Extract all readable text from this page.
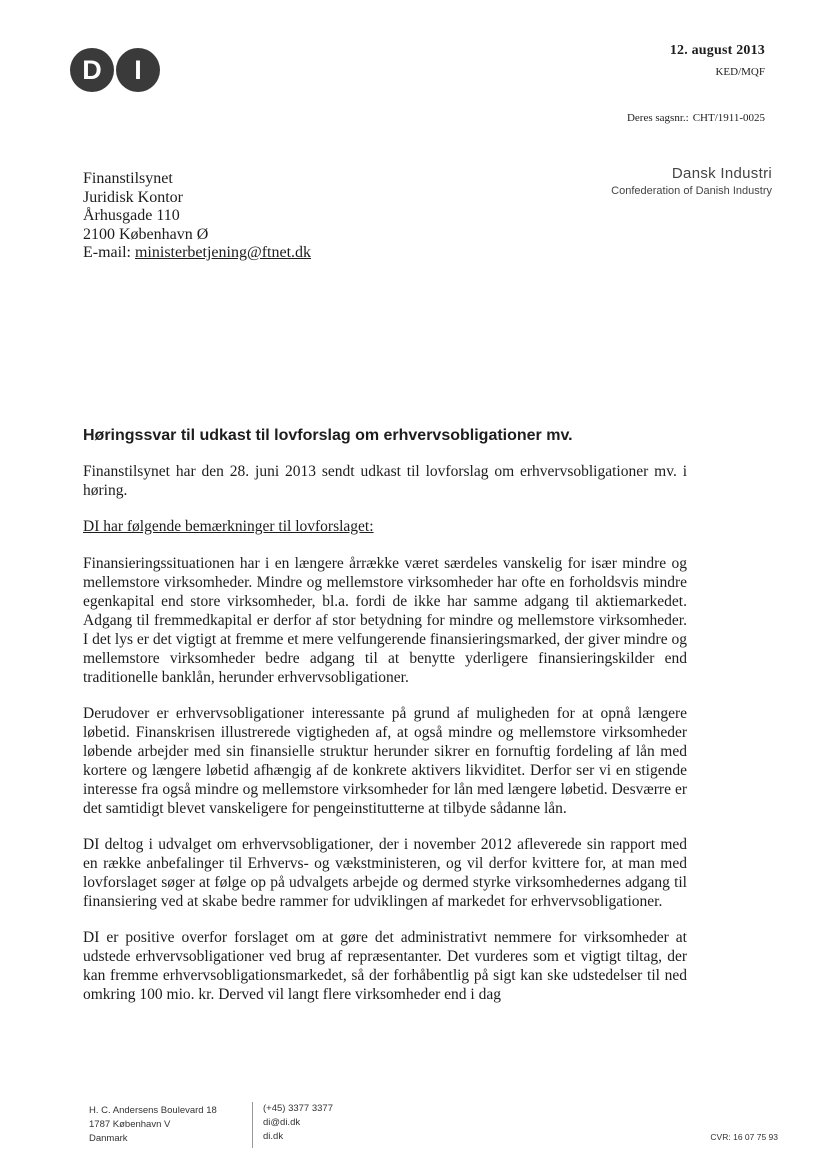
D	I
12. august 2013
KED/MQF
Deres sagsnr.: CHT/1911-0025
Dansk Industri
Confederation of Danish Industry
Finanstilsynet
Juridisk Kontor
Århusgade 110
2100 København Ø
E-mail: ministerbetjening@ftnet.dk
Høringssvar til udkast til lovforslag om erhvervsobligationer mv.

Finanstilsynet har den 28. juni 2013 sendt udkast til lovforslag om erhvervsobligationer mv. i høring.

DI har følgende bemærkninger til lovforslaget:

Finansieringssituationen har i en længere årrække været særdeles vanskelig for især mindre og mellemstore virksomheder. Mindre og mellemstore virksomheder har ofte en forholdsvis mindre egenkapital end store virksomheder, bl.a. fordi de ikke har samme adgang til aktiemarkedet. Adgang til fremmedkapital er derfor af stor betydning for mindre og mellemstore virksomheder. I det lys er det vigtigt at fremme et mere velfungerende finansieringsmarked, der giver mindre og mellemstore virksomheder bedre adgang til at benytte yderligere finansieringskilder end traditionelle banklån, herunder erhvervsobligationer.

Derudover er erhvervsobligationer interessante på grund af muligheden for at opnå længere løbetid. Finanskrisen illustrerede vigtigheden af, at også mindre og mellemstore virksomheder løbende arbejder med sin finansielle struktur herunder sikrer en fornuftig fordeling af lån med kortere og længere løbetid afhængig af de konkrete aktivers likviditet. Derfor ser vi en stigende interesse fra også mindre og mellemstore virksomheder for lån med længere løbetid. Desværre er det samtidigt blevet vanskeligere for pengeinstitutterne at tilbyde sådanne lån.

DI deltog i udvalget om erhvervsobligationer, der i november 2012 afleverede sin rapport med en række anbefalinger til Erhvervs- og vækstministeren, og vil derfor kvittere for, at man med lovforslaget søger at følge op på udvalgets arbejde og dermed styrke virksomhedernes adgang til finansiering ved at skabe bedre rammer for udviklingen af markedet for erhvervsobligationer.

DI er positive overfor forslaget om at gøre det administrativt nemmere for virksomheder at udstede erhvervsobligationer ved brug af repræsentanter. Det vurderes som et vigtigt tiltag, der kan fremme erhvervsobligationsmarkedet, så der forhåbentlig på sigt kan ske udstedelser til ned omkring 100 mio. kr. Derved vil langt flere virksomheder end i dag

H. C. Andersens Boulevard 18
1787 København V
Danmark
(+45) 3377 3377
di@di.dk
di.dk	CVR: 16 07 75 93
